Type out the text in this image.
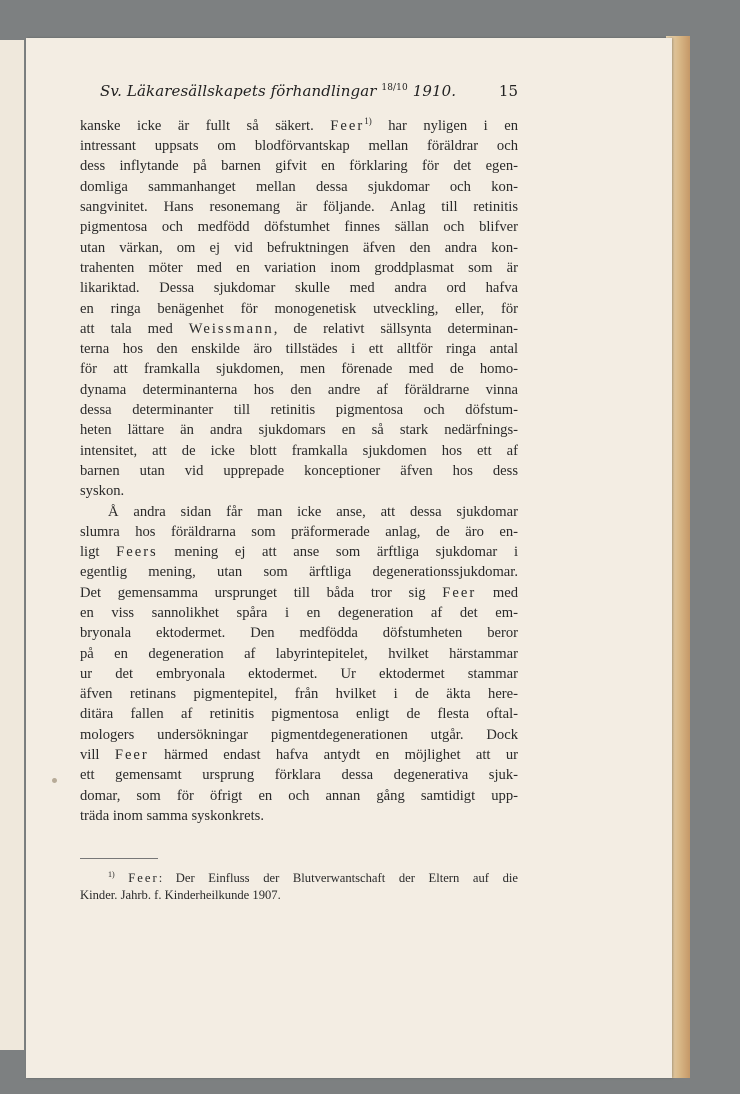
Sv. Läkaresällskapets förhandlingar $^{18/10}$ 1910.	15
kanske icke är fullt så säkert. Feer$^{1)}$ har nyligen i en
intressant uppsats om blodförvantskap mellan föräldrar och
dess inflytande på barnen gifvit en förklaring för det egen-
domliga sammanhanget mellan dessa sjukdomar och kon-
sangvinitet. Hans resonemang är följande. Anlag till retinitis
pigmentosa och medfödd döfstumhet finnes sällan och blifver
utan värkan, om ej vid befruktningen äfven den andra kon-
trahenten möter med en variation inom groddplasmat som är
likariktad. Dessa sjukdomar skulle med andra ord hafva
en ringa benägenhet för monogenetisk utveckling, eller, för
att tala med Weissmann, de relativt sällsynta determinan-
terna hos den enskilde äro tillstädes i ett alltför ringa antal
för att framkalla sjukdomen, men förenade med de homo-
dynama determinanterna hos den andre af föräldrarne vinna
dessa determinanter till retinitis pigmentosa och döfstum-
heten lättare än andra sjukdomars en så stark nedärfnings-
intensitet, att de icke blott framkalla sjukdomen hos ett af
barnen utan vid upprepade konceptioner äfven hos dess
syskon.
Å andra sidan får man icke anse, att dessa sjukdomar
slumra hos föräldrarna som präformerade anlag, de äro en-
ligt Feers mening ej att anse som ärftliga sjukdomar i
egentlig mening, utan som ärftliga degenerationssjukdomar.
Det gemensamma ursprunget till båda tror sig Feer med
en viss sannolikhet spåra i en degeneration af det em-
bryonala ektodermet. Den medfödda döfstumheten beror
på en degeneration af labyrintepitelet, hvilket härstammar
ur det embryonala ektodermet. Ur ektodermet stammar
äfven retinans pigmentepitel, från hvilket i de äkta here-
ditära fallen af retinitis pigmentosa enligt de flesta oftal-
mologers undersökningar pigmentdegenerationen utgår. Dock
vill Feer härmed endast hafva antydt en möjlighet att ur
ett gemensamt ursprung förklara dessa degenerativa sjuk-
domar, som för öfrigt en och annan gång samtidigt upp-
träda inom samma syskonkrets.
$^{1)}$ Feer: Der Einfluss der Blutverwantschaft der Eltern auf die
Kinder. Jahrb. f. Kinderheilkunde 1907.
